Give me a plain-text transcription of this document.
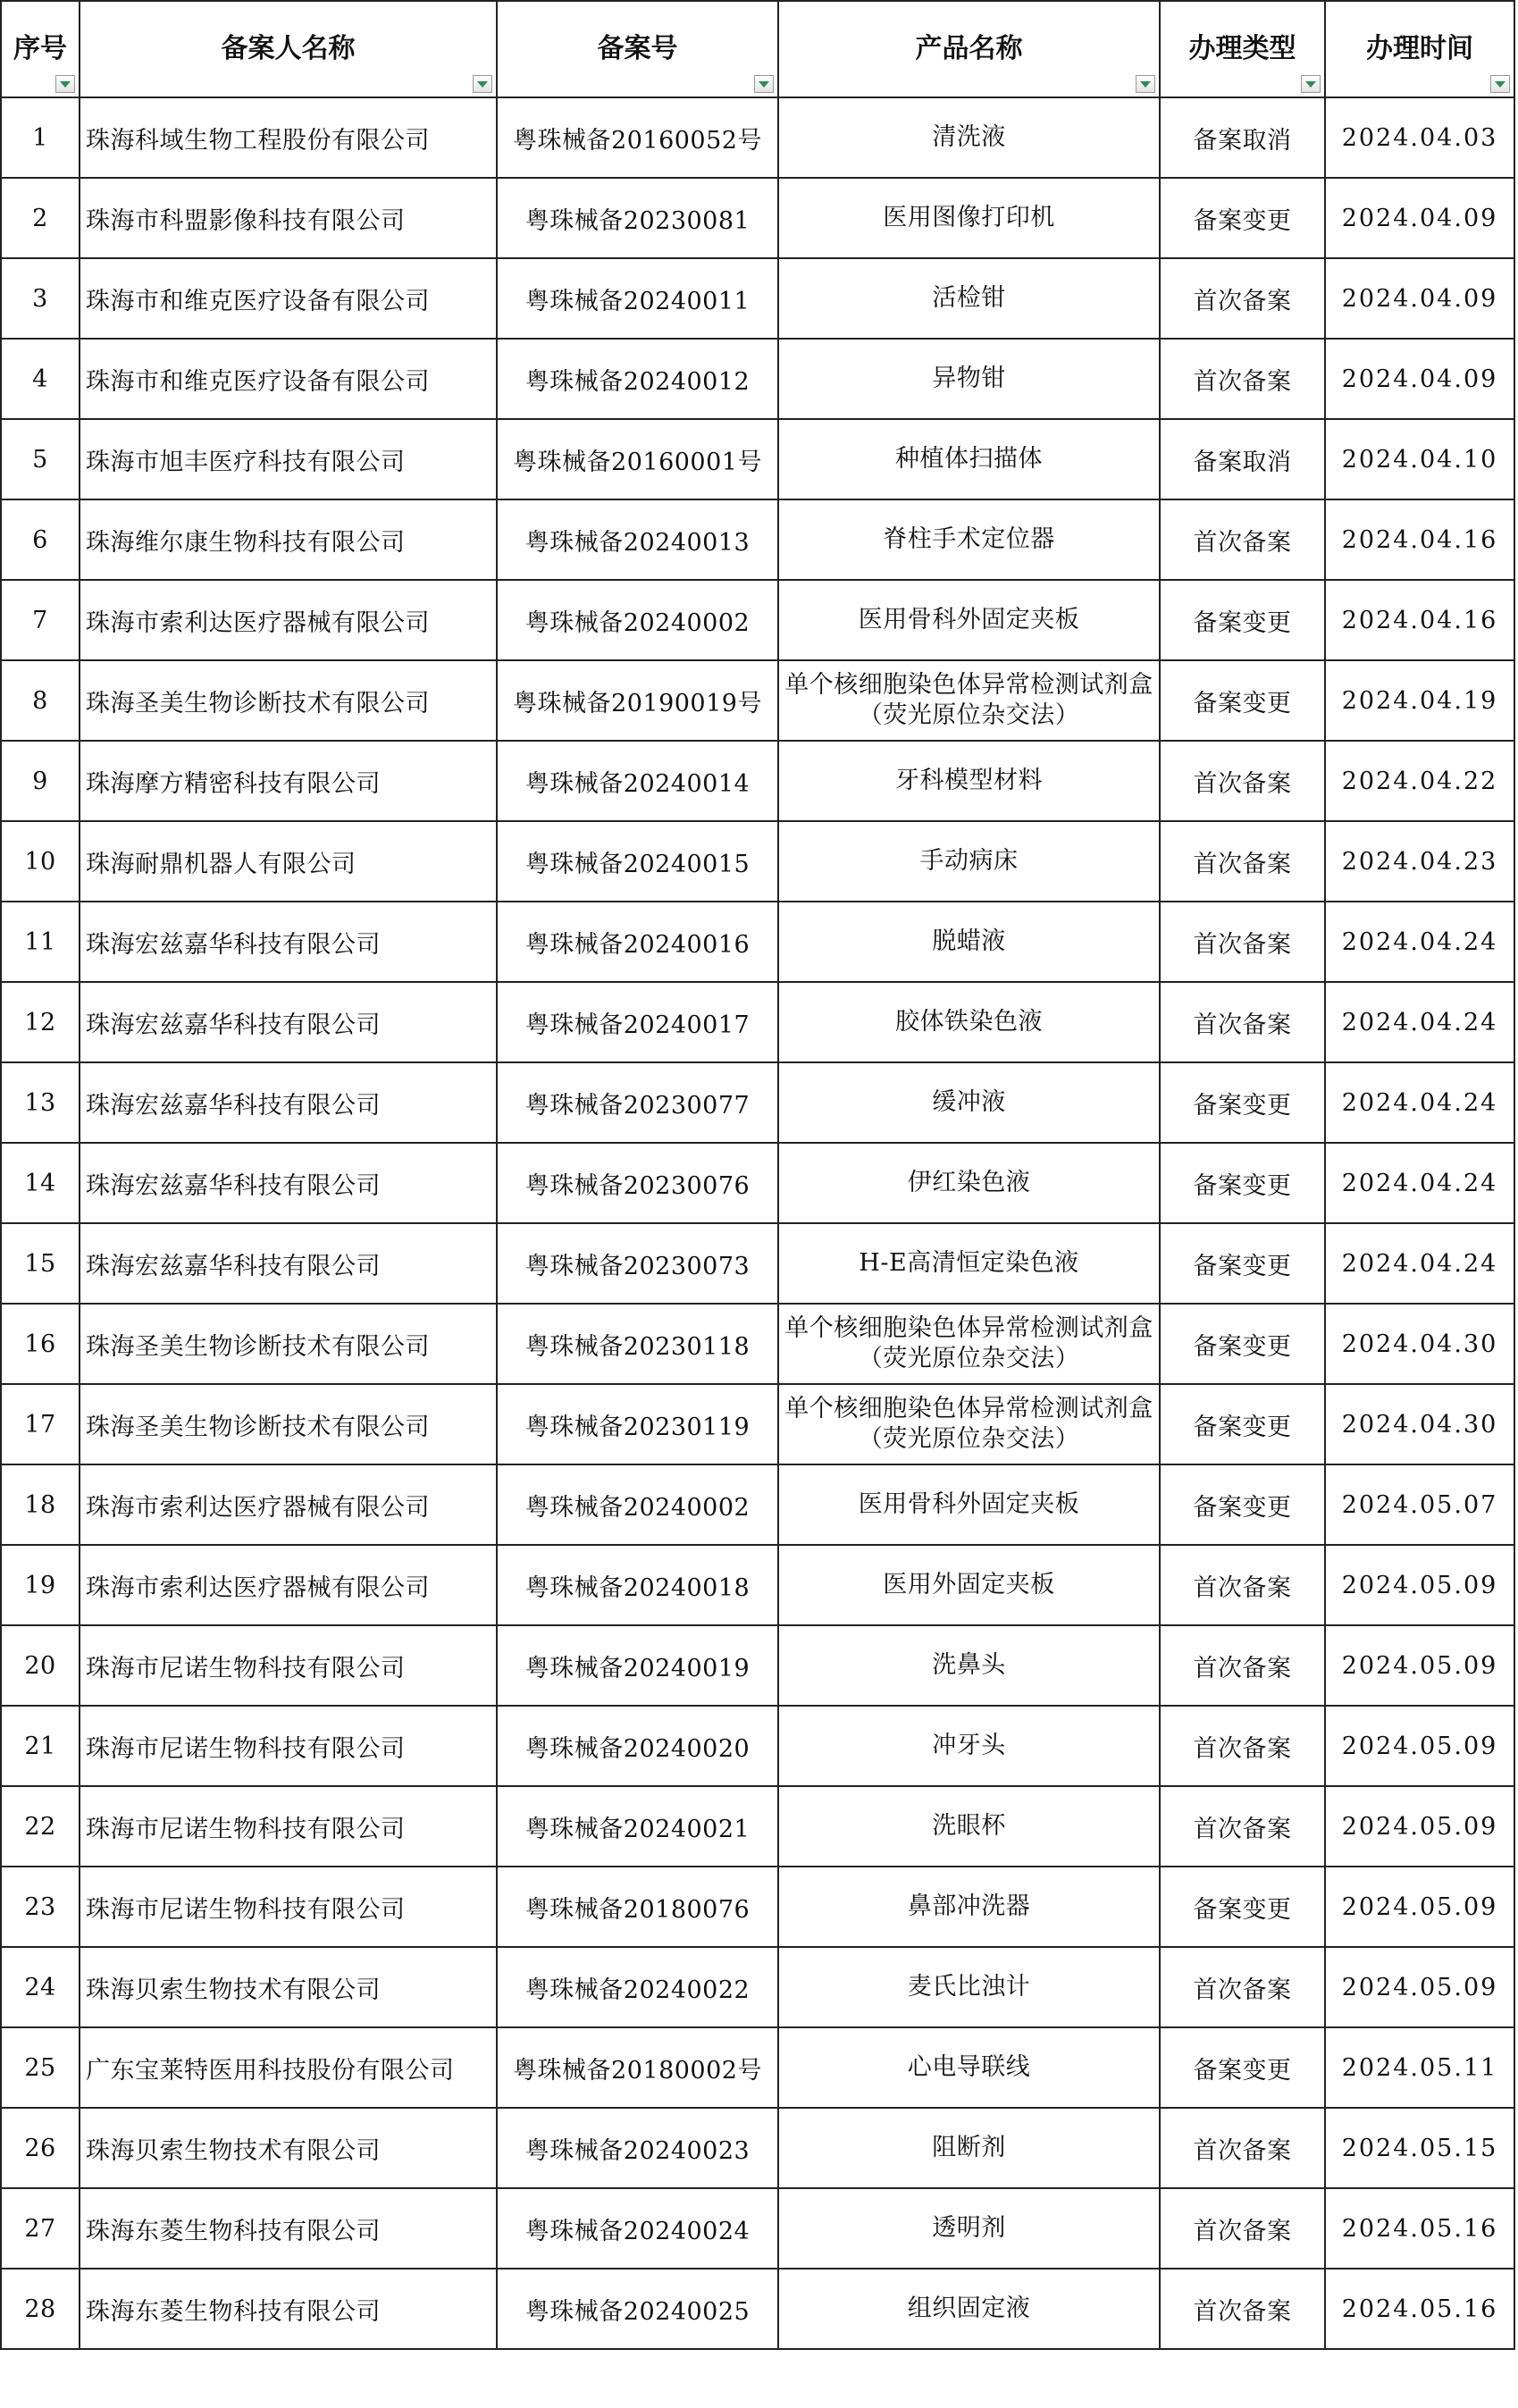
序号	备案人名称	备案号	产品名称	办理类型	办理时间

1	珠海科域生物工程股份有限公司	粤珠械备20160052号	清洗液	备案取消	2024.04.03
2	珠海市科盟影像科技有限公司	粤珠械备20230081	医用图像打印机	备案变更	2024.04.09
3	珠海市和维克医疗设备有限公司	粤珠械备20240011	活检钳	首次备案	2024.04.09
4	珠海市和维克医疗设备有限公司	粤珠械备20240012	异物钳	首次备案	2024.04.09
5	珠海市旭丰医疗科技有限公司	粤珠械备20160001号	种植体扫描体	备案取消	2024.04.10
6	珠海维尔康生物科技有限公司	粤珠械备20240013	脊柱手术定位器	首次备案	2024.04.16
7	珠海市索利达医疗器械有限公司	粤珠械备20240002	医用骨科外固定夹板	备案变更	2024.04.16
8	珠海圣美生物诊断技术有限公司	粤珠械备20190019号	单个核细胞染色体异常检测试剂盒（荧光原位杂交法）	备案变更	2024.04.19
9	珠海摩方精密科技有限公司	粤珠械备20240014	牙科模型材料	首次备案	2024.04.22
10	珠海耐鼎机器人有限公司	粤珠械备20240015	手动病床	首次备案	2024.04.23
11	珠海宏兹嘉华科技有限公司	粤珠械备20240016	脱蜡液	首次备案	2024.04.24
12	珠海宏兹嘉华科技有限公司	粤珠械备20240017	胶体铁染色液	首次备案	2024.04.24
13	珠海宏兹嘉华科技有限公司	粤珠械备20230077	缓冲液	备案变更	2024.04.24
14	珠海宏兹嘉华科技有限公司	粤珠械备20230076	伊红染色液	备案变更	2024.04.24
15	珠海宏兹嘉华科技有限公司	粤珠械备20230073	H-E高清恒定染色液	备案变更	2024.04.24
16	珠海圣美生物诊断技术有限公司	粤珠械备20230118	单个核细胞染色体异常检测试剂盒（荧光原位杂交法）	备案变更	2024.04.30
17	珠海圣美生物诊断技术有限公司	粤珠械备20230119	单个核细胞染色体异常检测试剂盒（荧光原位杂交法）	备案变更	2024.04.30
18	珠海市索利达医疗器械有限公司	粤珠械备20240002	医用骨科外固定夹板	备案变更	2024.05.07
19	珠海市索利达医疗器械有限公司	粤珠械备20240018	医用外固定夹板	首次备案	2024.05.09
20	珠海市尼诺生物科技有限公司	粤珠械备20240019	洗鼻头	首次备案	2024.05.09
21	珠海市尼诺生物科技有限公司	粤珠械备20240020	冲牙头	首次备案	2024.05.09
22	珠海市尼诺生物科技有限公司	粤珠械备20240021	洗眼杯	首次备案	2024.05.09
23	珠海市尼诺生物科技有限公司	粤珠械备20180076	鼻部冲洗器	备案变更	2024.05.09
24	珠海贝索生物技术有限公司	粤珠械备20240022	麦氏比浊计	首次备案	2024.05.09
25	广东宝莱特医用科技股份有限公司	粤珠械备20180002号	心电导联线	备案变更	2024.05.11
26	珠海贝索生物技术有限公司	粤珠械备20240023	阻断剂	首次备案	2024.05.15
27	珠海东菱生物科技有限公司	粤珠械备20240024	透明剂	首次备案	2024.05.16
28	珠海东菱生物科技有限公司	粤珠械备20240025	组织固定液	首次备案	2024.05.16
